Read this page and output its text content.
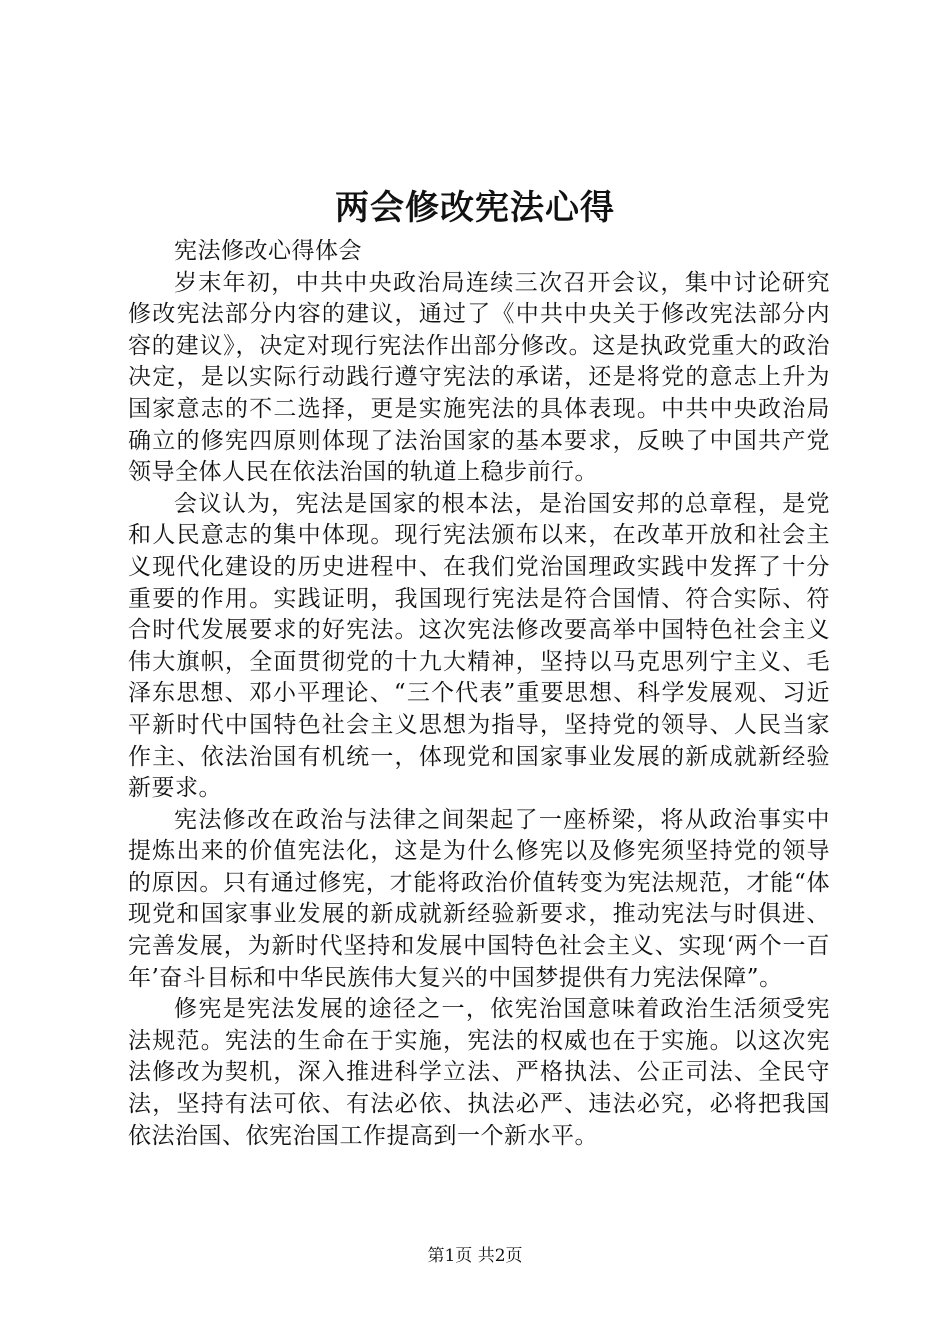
两会修改宪法心得

宪法修改心得体会

岁末年初，中共中央政治局连续三次召开会议，集中讨论研究修改宪法部分内容的建议，通过了《中共中央关于修改宪法部分内容的建议》，决定对现行宪法作出部分修改。这是执政党重大的政治决定，是以实际行动践行遵守宪法的承诺，还是将党的意志上升为国家意志的不二选择，更是实施宪法的具体表现。中共中央政治局确立的修宪四原则体现了法治国家的基本要求，反映了中国共产党领导全体人民在依法治国的轨道上稳步前行。

会议认为，宪法是国家的根本法，是治国安邦的总章程，是党和人民意志的集中体现。现行宪法颁布以来，在改革开放和社会主义现代化建设的历史进程中、在我们党治国理政实践中发挥了十分重要的作用。实践证明，我国现行宪法是符合国情、符合实际、符合时代发展要求的好宪法。这次宪法修改要高举中国特色社会主义伟大旗帜，全面贯彻党的十九大精神，坚持以马克思列宁主义、毛泽东思想、邓小平理论、“三个代表”重要思想、科学发展观、习近平新时代中国特色社会主义思想为指导，坚持党的领导、人民当家作主、依法治国有机统一，体现党和国家事业发展的新成就新经验新要求。

宪法修改在政治与法律之间架起了一座桥梁，将从政治事实中提炼出来的价值宪法化，这是为什么修宪以及修宪须坚持党的领导的原因。只有通过修宪，才能将政治价值转变为宪法规范，才能“体现党和国家事业发展的新成就新经验新要求，推动宪法与时俱进、完善发展，为新时代坚持和发展中国特色社会主义、实现‘两个一百年’奋斗目标和中华民族伟大复兴的中国梦提供有力宪法保障”。

修宪是宪法发展的途径之一，依宪治国意味着政治生活须受宪法规范。宪法的生命在于实施，宪法的权威也在于实施。以这次宪法修改为契机，深入推进科学立法、严格执法、公正司法、全民守法，坚持有法可依、有法必依、执法必严、违法必究，必将把我国依法治国、依宪治国工作提高到一个新水平。

第1页 共2页
